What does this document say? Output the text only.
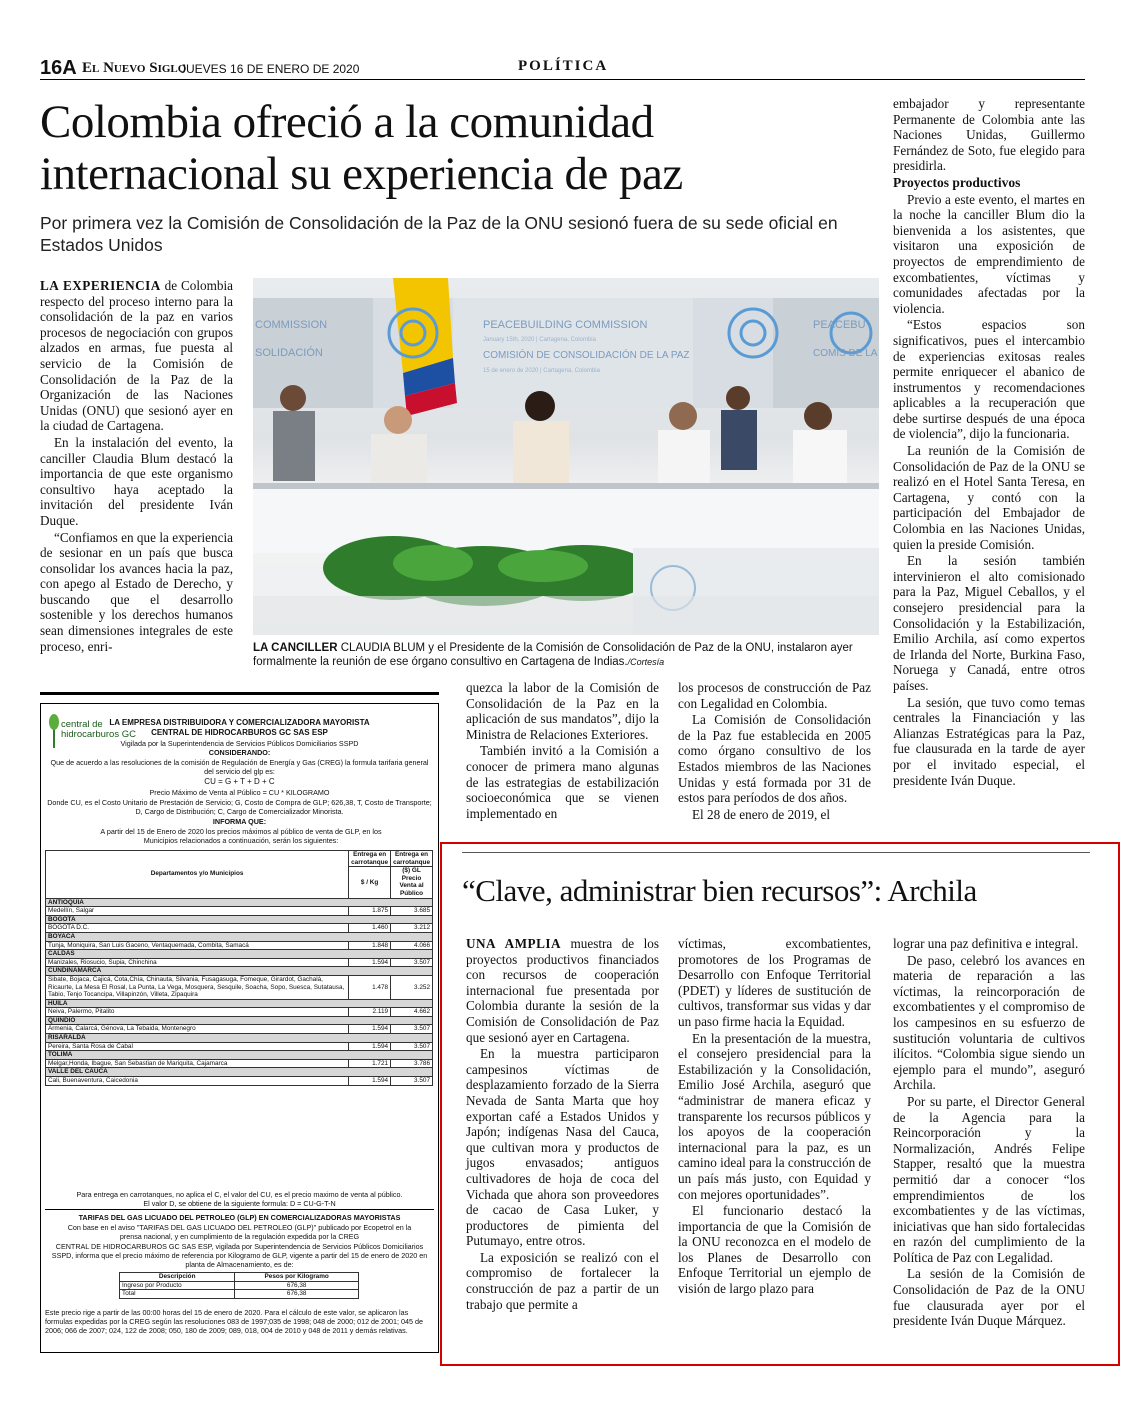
16A El Nuevo Siglo
JUEVES 16 DE ENERO DE 2020	POLÍTICA
Colombia ofreció a la comunidad internacional su experiencia de paz
Por primera vez la Comisión de Consolidación de la Paz de la ONU sesionó fuera de su sede oficial en Estados Unidos

LA EXPERIENCIA de Colombia respecto del proceso interno para la consolidación de la paz en varios procesos de negociación con grupos alzados en armas, fue puesta al servicio de la Comisión de Consolidación de la Paz de la Organización de las Naciones Unidas (ONU) que sesionó ayer en la ciudad de Cartagena.

En la instalación del evento, la canciller Claudia Blum destacó la importancia de que este organismo consultivo haya aceptado la invitación del presidente Iván Duque.

“Confiamos en que la experiencia de sesionar en un país que busca consolidar los avances hacia la paz, con apego al Estado de Derecho, y buscando que el desarrollo sostenible y los derechos humanos sean dimensiones integrales de este proceso, enri-

PEACEBUILDING COMMISSION
January 15th, 2020 | Cartagena, Colombia
COMISIÓN DE CONSOLIDACIÓN DE LA PAZ
15 de enero de 2020 | Cartagena, Colombia
COMMISSION
SOLIDACIÓN
PEACEBU
COMIS DE LA
LA CANCILLER CLAUDIA BLUM y el Presidente de la Comisión de Consolidación de Paz de la ONU, instalaron ayer formalmente la reunión de ese órgano consultivo en Cartagena de Indias./Cortesía

quezca la labor de la Comisión de Consolidación de la Paz en la aplicación de sus mandatos”, dijo la Ministra de Relaciones Exteriores.

También invitó a la Comisión a conocer de primera mano algunas de las estrategias de estabilización socioeconómica que se vienen implementado en

los procesos de construcción de Paz con Legalidad en Colombia.

La Comisión de Consolidación de la Paz fue establecida en 2005 como órgano consultivo de los Estados miembros de las Naciones Unidas y está formada por 31 de estos para períodos de dos años.

El 28 de enero de 2019, el

embajador y representante Permanente de Colombia ante las Naciones Unidas, Guillermo Fernández de Soto, fue elegido para presidirla.

Proyectos productivos

Previo a este evento, el martes en la noche la canciller Blum dio la bienvenida a los asistentes, que visitaron una exposición de proyectos de emprendimiento de excombatientes, víctimas y comunidades afectadas por la violencia.

“Estos espacios son significativos, pues el intercambio de experiencias exitosas reales permite enriquecer el abanico de instrumentos y recomendaciones aplicables a la recuperación que debe surtirse después de una época de violencia”, dijo la funcionaria.

La reunión de la Comisión de Consolidación de Paz de la ONU se realizó en el Hotel Santa Teresa, en Cartagena, y contó con la participación del Embajador de Colombia en las Naciones Unidas, quien la preside Comisión.

En la sesión también intervinieron el alto comisionado para la Paz, Miguel Ceballos, y el consejero presidencial para la Consolidación y la Estabilización, Emilio Archila, así como expertos de Irlanda del Norte, Burkina Faso, Noruega y Canadá, entre otros países.

La sesión, que tuvo como temas centrales la Financiación y las Alianzas Estratégicas para la Paz, fue clausurada en la tarde de ayer por el invitado especial, el presidente Iván Duque.

central de
hidrocarburos GC
LA EMPRESA DISTRIBUIDORA Y COMERCIALIZADORA MAYORISTA
CENTRAL DE HIDROCARBUROS GC SAS ESP
Vigilada por la Superintendencia de Servicios Públicos Domiciliarios SSPD
CONSIDERANDO:
Que de acuerdo a las resoluciones de la comisión de Regulación de Energía y Gas (CREG) la formula tarifaria general del servicio del glp es:
CU = G + T + D + C
Precio Máximo de Venta al Público = CU * KILOGRAMO
Donde CU, es el Costo Unitario de Prestación de Servicio; G, Costo de Compra de GLP; 626,38, T, Costo de Transporte; D, Cargo de Distribución; C, Cargo de Comercializador Minorista.
INFORMA QUE:
A partir del 15 de Enero de 2020 los precios máximos al público de venta de GLP, en los Municipios relacionados a continuación, serán los siguientes:
Departamentos y/o Municipios	Entrega en carrotanque	Entrega en carrotanque
	$ / Kg	($) GL Precio Venta al Público
ANTIOQUIA		
Medellín, Salgar	1.875	3.685
BOGOTA		
BOGOTA D.C.	1.460	3.212
BOYACA		
Tunja, Moniquira, San Luis Gaceno, Ventaquemada, Combita, Samacá	1.848	4.066
CALDAS		
Manizales, Riosucio, Supia, Chinchina	1.594	3.507
CUNDINAMARCA		
Sibate, Bojaca, Cajicá, Cota,Chía, Chinauta, Silvania, Fusagasuga, Fomeque, Girardot, Gachalá, Ricaurte, La Mesa El Rosal, La Punta, La Vega, Mosquera, Sesquile, Soacha, Sopo, Suesca, Sutatausa, Tabio, Tenjo Tocancipa, Villapinzón, Villeta, Zipaquira	1.478	3.252
HUILA		
Neiva, Palermo, Pitalito	2.119	4.662
QUINDIO		
Armenia, Calarcá, Génova, La Tebaida, Montenegro	1.594	3.507
RISARALDA		
Pereira, Santa Rosa de Cabal	1.594	3.507
TOLIMA		
Melgar,Honda, Ibague, San Sebastian de Mariquita, Cajamarca	1.721	3.786
VALLE DEL CAUCA		
Cali, Buenaventura, Caicedonia	1.594	3.507
Para entrega en carrotanques, no aplica el C, el valor del CU, es el precio maximo de venta al público.
El valor D, se obtiene de la siguiente formula: D = CU-G-T-N
TARIFAS DEL GAS LICUADO DEL PETROLEO (GLP) EN COMERCIALIZADORAS MAYORISTAS
Con base en el aviso "TARIFAS DEL GAS LICUADO DEL PETROLEO (GLP)" publicado por Ecopetrol en la prensa nacional, y en cumplimiento de la regulación expedida por la CREG
CENTRAL DE HIDROCARBUROS GC SAS ESP, vigilada por Superintendencia de Servicios Públicos Domiciliarios SSPD, informa que el precio máximo de referencia por Kilogramo de GLP, vigente a partir del 15 de enero de 2020 en planta de Almacenamiento, es de:
Descripción	Pesos por Kilogramo
Ingreso por Producto	676,38
Total	676,38
Este precio rige a partir de las 00:00 horas del 15 de enero de 2020. Para el cálculo de este valor, se aplicaron las formulas expedidas por la CREG según las resoluciones 083 de 1997;035 de 1998; 048 de 2000; 012 de 2001; 045 de 2006; 066 de 2007; 024, 122 de 2008; 050, 180 de 2009; 089, 018, 004 de 2010 y 048 de 2011 y demás relativas.
“Clave, administrar bien recursos”: Archila

UNA AMPLIA muestra de los proyectos productivos financiados con recursos de cooperación internacional fue presentada por Colombia durante la sesión de la Comisión de Consolidación de Paz que sesionó ayer en Cartagena.

En la muestra participaron campesinos víctimas de desplazamiento forzado de la Sierra Nevada de Santa Marta que hoy exportan café a Estados Unidos y Japón; indígenas Nasa del Cauca, que cultivan mora y productos de jugos envasados; antiguos cultivadores de hoja de coca del Vichada que ahora son proveedores de cacao de Casa Luker, y productores de pimienta del Putumayo, entre otros.

La exposición se realizó con el compromiso de fortalecer la construcción de paz a partir de un trabajo que permite a

víctimas, excombatientes, promotores de los Programas de Desarrollo con Enfoque Territorial (PDET) y líderes de sustitución de cultivos, transformar sus vidas y dar un paso firme hacia la Equidad.

En la presentación de la muestra, el consejero presidencial para la Estabilización y la Consolidación, Emilio José Archila, aseguró que “administrar de manera eficaz y transparente los recursos públicos y los apoyos de la cooperación internacional para la paz, es un camino ideal para la construcción de un país más justo, con Equidad y con mejores oportunidades”.

El funcionario destacó la importancia de que la Comisión de la ONU reconozca en el modelo de los Planes de Desarrollo con Enfoque Territorial un ejemplo de visión de largo plazo para

lograr una paz definitiva e integral.

De paso, celebró los avances en materia de reparación a las víctimas, la reincorporación de excombatientes y el compromiso de los campesinos en su esfuerzo de sustitución voluntaria de cultivos ilícitos. “Colombia sigue siendo un ejemplo para el mundo”, aseguró Archila.

Por su parte, el Director General de la Agencia para la Reincorporación y la Normalización, Andrés Felipe Stapper, resaltó que la muestra permitió dar a conocer “los emprendimientos de los excombatientes y de las víctimas, iniciativas que han sido fortalecidas en razón del cumplimiento de la Política de Paz con Legalidad.

La sesión de la Comisión de Consolidación de Paz de la ONU fue clausurada ayer por el presidente Iván Duque Márquez.
